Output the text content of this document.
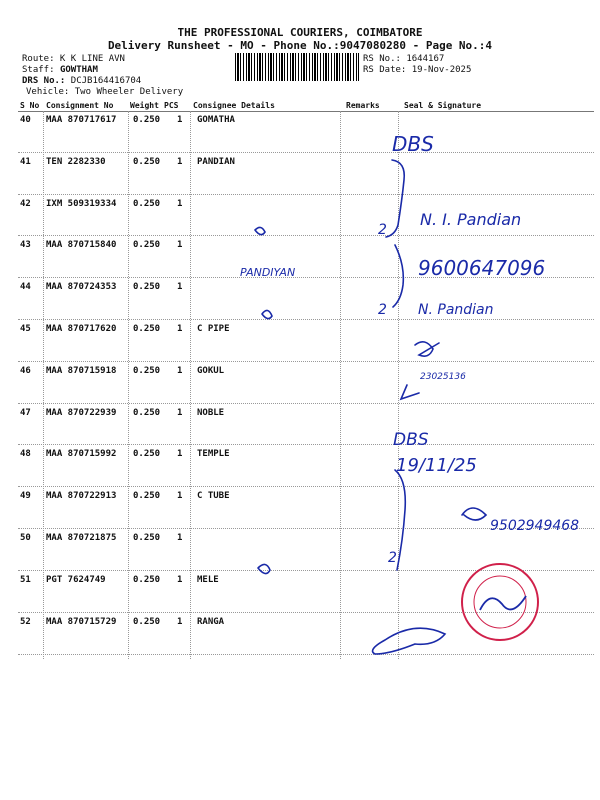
THE PROFESSIONAL COURIERS, COIMBATORE
Delivery Runsheet - MO - Phone No.:9047080280 - Page No.:4
Route: K K LINE AVN
Staff: GOWTHAM
DRS No.: DCJB164416704
Vehicle: Two Wheeler Delivery
RS No.: 1644167
RS Date: 19-Nov-2025
S No Consignment No Weight PCS Consignee Details	Remarks	Seal & Signature
40 MAA 870717617 0.250 1 GOMATHA
41 TEN 2282330	0.250 1 PANDIAN
42 IXM 509319334 0.250 1
43 MAA 870715840 0.250 1
44 MAA 870724353 0.250 1
45 MAA 870717620 0.250 1 C PIPE
46 MAA 870715918 0.250 1 GOKUL
47 MAA 870722939 0.250 1 NOBLE
48 MAA 870715992 0.250 1 TEMPLE
49 MAA 870722913 0.250 1 C TUBE
50 MAA 870721875 0.250 1
51 PGT 7624749	0.250 1 MELE
52 MAA 870715729 0.250 1 RANGA
DBS
N. I. Pandian
PANDIYAN	9600647096
N. Pandian
23025136
DBS
19/11/25
9502949468
2
2
2
